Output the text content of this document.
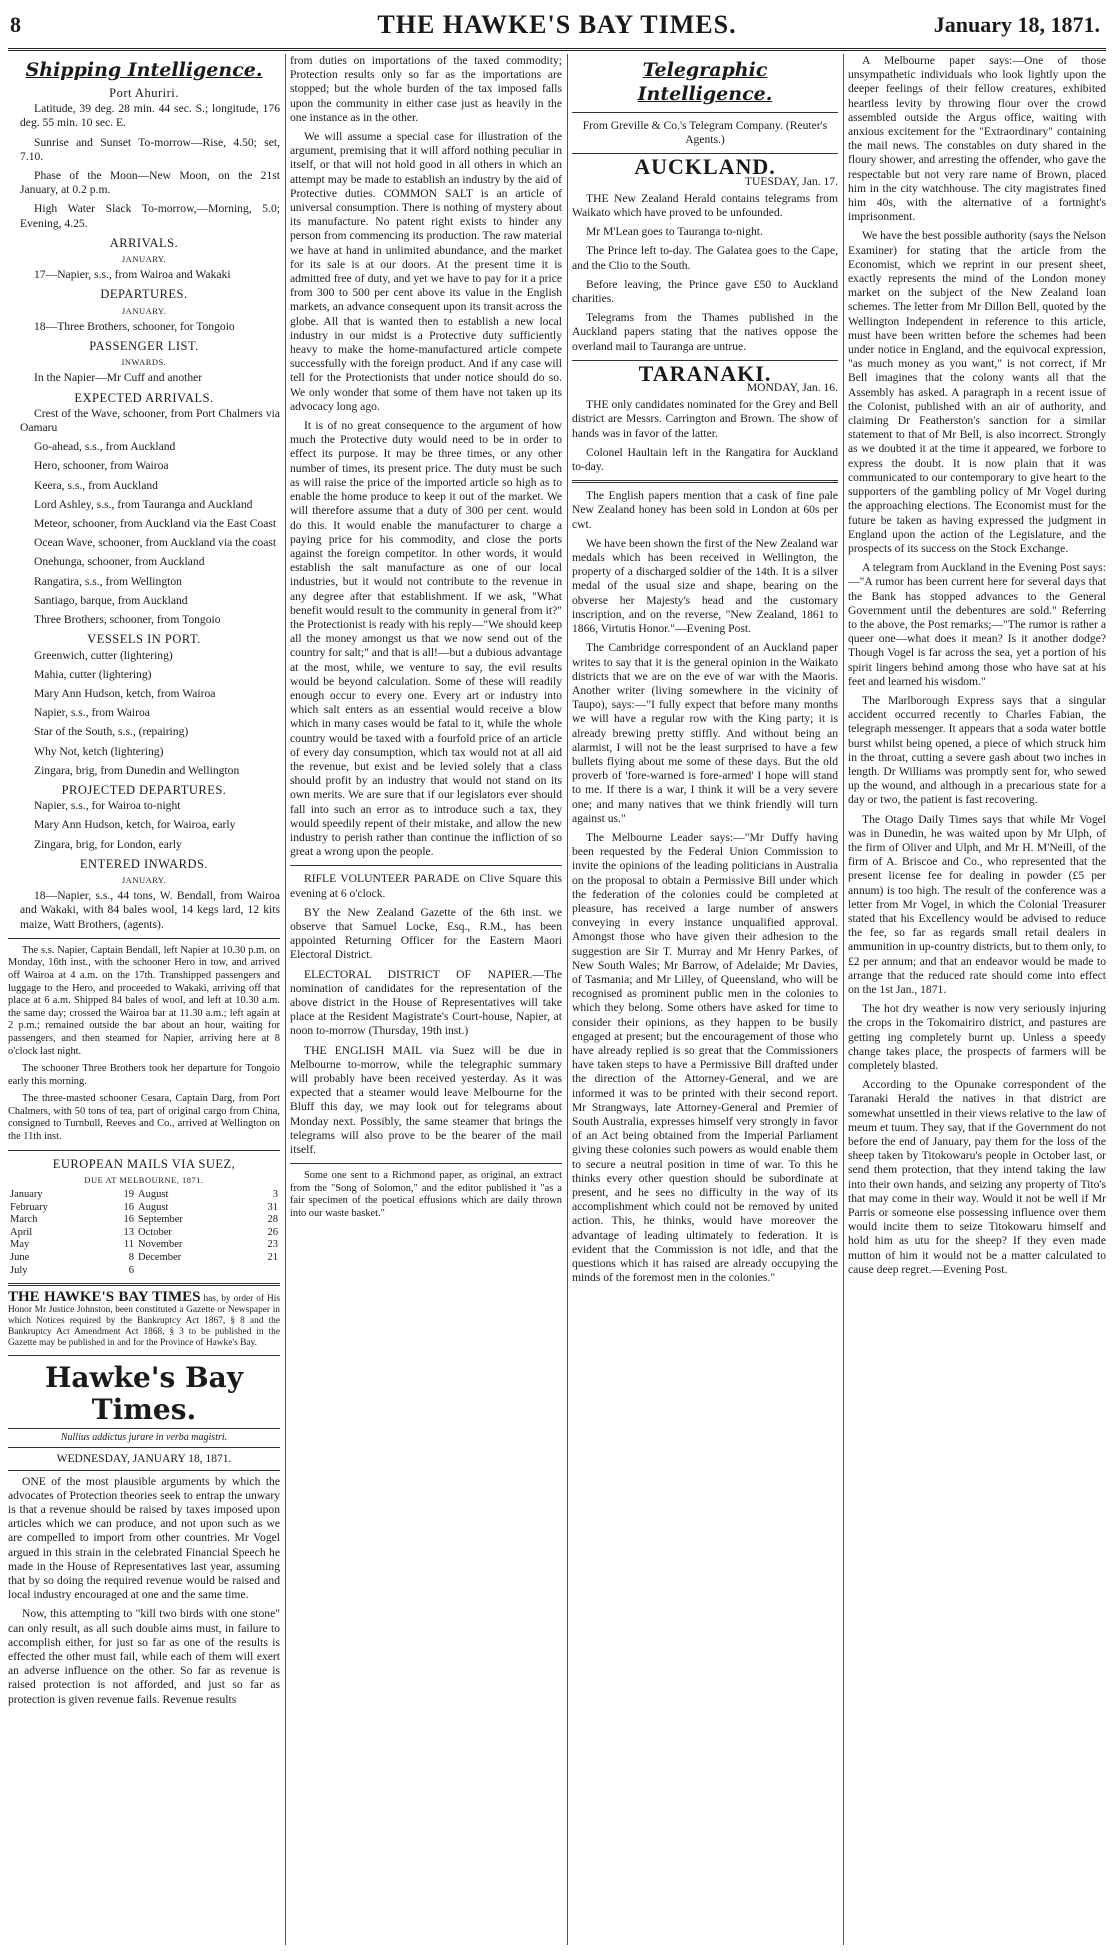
8	THE HAWKE'S BAY TIMES.	January 18, 1871.
Shipping Intelligence.
Port Ahuriri.

Latitude, 39 deg. 28 min. 44 sec. S.; longitude, 176 deg. 55 min. 10 sec. E.

Sunrise and Sunset To-morrow—Rise, 4.50; set, 7.10.

Phase of the Moon—New Moon, on the 21st January, at 0.2 p.m.

High Water Slack To-morrow,—Morning, 5.0; Evening, 4.25.

ARRIVALS.
JANUARY.

17—Napier, s.s., from Wairoa and Wakaki

DEPARTURES.
JANUARY.

18—Three Brothers, schooner, for Tongoio

PASSENGER LIST.
INWARDS.

In the Napier—Mr Cuff and another

EXPECTED ARRIVALS.

Crest of the Wave, schooner, from Port Chalmers via Oamaru

Go-ahead, s.s., from Auckland

Hero, schooner, from Wairoa

Keera, s.s., from Auckland

Lord Ashley, s.s., from Tauranga and Auckland

Meteor, schooner, from Auckland via the East Coast

Ocean Wave, schooner, from Auckland via the coast

Onehunga, schooner, from Auckland

Rangatira, s.s., from Wellington

Santiago, barque, from Auckland

Three Brothers, schooner, from Tongoio

VESSELS IN PORT.

Greenwich, cutter (lightering)

Mahia, cutter (lightering)

Mary Ann Hudson, ketch, from Wairoa

Napier, s.s., from Wairoa

Star of the South, s.s., (repairing)

Why Not, ketch (lightering)

Zingara, brig, from Dunedin and Wellington

PROJECTED DEPARTURES.

Napier, s.s., for Wairoa to-night

Mary Ann Hudson, ketch, for Wairoa, early

Zingara, brig, for London, early

ENTERED INWARDS.
JANUARY.

18—Napier, s.s., 44 tons, W. Bendall, from Wairoa and Wakaki, with 84 bales wool, 14 kegs lard, 12 kits maize, Watt Brothers, (agents).

The s.s. Napier, Captain Bendall, left Napier at 10.30 p.m. on Monday, 16th inst., with the schooner Hero in tow, and arrived off Wairoa at 4 a.m. on the 17th. Transhipped passengers and luggage to the Hero, and proceeded to Wakaki, arriving off that place at 6 a.m. Shipped 84 bales of wool, and left at 10.30 a.m. the same day; crossed the Wairoa bar at 11.30 a.m.; left again at 2 p.m.; remained outside the bar about an hour, waiting for passengers, and then steamed for Napier, arriving here at 8 o'clock last night.

The schooner Three Brothers took her departure for Tongoio early this morning.

The three-masted schooner Cesara, Captain Darg, from Port Chalmers, with 50 tons of tea, part of original cargo from China, consigned to Turnbull, Reeves and Co., arrived at Wellington on the 11th inst.

EUROPEAN MAILS VIA SUEZ,
DUE AT MELBOURNE, 1871.
January	19	August	3
February	16	August	31
March	16	September	28
April	13	October	26
May	11	November	23
June	8	December	21
July	6		
THE HAWKE'S BAY TIMES has, by order of His Honor Mr Justice Johnston, been constituted a Gazette or Newspaper in which Notices required by the Bankruptcy Act 1867, § 8 and the Bankruptcy Act Amendment Act 1868, § 3 to be published in the Gazette may be published in and for the Province of Hawke's Bay.
Hawke's Bay Times.
Nullius addictus jurare in verba magistri.
WEDNESDAY, JANUARY 18, 1871.

ONE of the most plausible arguments by which the advocates of Protection theories seek to entrap the unwary is that a revenue should be raised by taxes imposed upon articles which we can produce, and not upon such as we are compelled to import from other countries. Mr Vogel argued in this strain in the celebrated Financial Speech he made in the House of Representatives last year, assuming that by so doing the required revenue would be raised and local industry encouraged at one and the same time.

Now, this attempting to "kill two birds with one stone" can only result, as all such double aims must, in failure to accomplish either, for just so far as one of the results is effected the other must fail, while each of them will exert an adverse influence on the other. So far as revenue is raised protection is not afforded, and just so far as protection is given revenue fails. Revenue results

from duties on importations of the taxed commodity; Protection results only so far as the importations are stopped; but the whole burden of the tax imposed falls upon the community in either case just as heavily in the one instance as in the other.

We will assume a special case for illustration of the argument, premising that it will afford nothing peculiar in itself, or that will not hold good in all others in which an attempt may be made to establish an industry by the aid of Protective duties. COMMON SALT is an article of universal consumption. There is nothing of mystery about its manufacture. No patent right exists to hinder any person from commencing its production. The raw material we have at hand in unlimited abundance, and the market for its sale is at our doors. At the present time it is admitted free of duty, and yet we have to pay for it a price from 300 to 500 per cent above its value in the English markets, an advance consequent upon its transit across the globe. All that is wanted then to establish a new local industry in our midst is a Protective duty sufficiently heavy to make the home-manufactured article compete successfully with the foreign product. And if any case will tell for the Protectionists that under notice should do so. We only wonder that some of them have not taken up its advocacy long ago.

It is of no great consequence to the argument of how much the Protective duty would need to be in order to effect its purpose. It may be three times, or any other number of times, its present price. The duty must be such as will raise the price of the imported article so high as to enable the home produce to keep it out of the market. We will therefore assume that a duty of 300 per cent. would do this. It would enable the manufacturer to charge a paying price for his commodity, and close the ports against the foreign competitor. In other words, it would establish the salt manufacture as one of our local industries, but it would not contribute to the revenue in any degree after that establishment. If we ask, "What benefit would result to the community in general from it?" the Protectionist is ready with his reply—"We should keep all the money amongst us that we now send out of the country for salt;" and that is all!—but a dubious advantage at the most, while, we venture to say, the evil results would be beyond calculation. Some of these will readily enough occur to every one. Every art or industry into which salt enters as an essential would receive a blow which in many cases would be fatal to it, while the whole country would be taxed with a fourfold price of an article of every day consumption, which tax would not at all aid the revenue, but exist and be levied solely that a class should profit by an industry that would not stand on its own merits. We are sure that if our legislators ever should fall into such an error as to introduce such a tax, they would speedily repent of their mistake, and allow the new industry to perish rather than continue the infliction of so great a wrong upon the people.

RIFLE VOLUNTEER PARADE on Clive Square this evening at 6 o'clock.

BY the New Zealand Gazette of the 6th inst. we observe that Samuel Locke, Esq., R.M., has been appointed Returning Officer for the Eastern Maori Electoral District.

ELECTORAL DISTRICT OF NAPIER.—The nomination of candidates for the representation of the above district in the House of Representatives will take place at the Resident Magistrate's Court-house, Napier, at noon to-morrow (Thursday, 19th inst.)

THE ENGLISH MAIL via Suez will be due in Melbourne to-morrow, while the telegraphic summary will probably have been received yesterday. As it was expected that a steamer would leave Melbourne for the Bluff this day, we may look out for telegrams about Monday next. Possibly, the same steamer that brings the telegrams will also prove to be the bearer of the mail itself.

Some one sent to a Richmond paper, as original, an extract from the "Song of Solomon," and the editor published it "as a fair specimen of the poetical effusions which are daily thrown into our waste basket."

Telegraphic Intelligence.

From Greville & Co.'s Telegram Company. (Reuter's Agents.)

AUCKLAND.
TUESDAY, Jan. 17.

THE New Zealand Herald contains telegrams from Waikato which have proved to be unfounded.

Mr M'Lean goes to Tauranga to-night.

The Prince left to-day. The Galatea goes to the Cape, and the Clio to the South.

Before leaving, the Prince gave £50 to Auckland charities.

Telegrams from the Thames published in the Auckland papers stating that the natives oppose the overland mail to Tauranga are untrue.

TARANAKI.
MONDAY, Jan. 16.

THE only candidates nominated for the Grey and Bell district are Messrs. Carrington and Brown. The show of hands was in favor of the latter.

Colonel Haultain left in the Rangatira for Auckland to-day.

The English papers mention that a cask of fine pale New Zealand honey has been sold in London at 60s per cwt.

We have been shown the first of the New Zealand war medals which has been received in Wellington, the property of a discharged soldier of the 14th. It is a silver medal of the usual size and shape, bearing on the obverse her Majesty's head and the customary inscription, and on the reverse, "New Zealand, 1861 to 1866, Virtutis Honor."—Evening Post.

The Cambridge correspondent of an Auckland paper writes to say that it is the general opinion in the Waikato districts that we are on the eve of war with the Maoris. Another writer (living somewhere in the vicinity of Taupo), says:—"I fully expect that before many months we will have a regular row with the King party; it is already brewing pretty stiffly. And without being an alarmist, I will not be the least surprised to have a few bullets flying about me some of these days. But the old proverb of 'fore-warned is fore-armed' I hope will stand to me. If there is a war, I think it will be a very severe one; and many natives that we think friendly will turn against us."

The Melbourne Leader says:—"Mr Duffy having been requested by the Federal Union Commission to invite the opinions of the leading politicians in Australia on the proposal to obtain a Permissive Bill under which the federation of the colonies could be completed at pleasure, has received a large number of answers conveying in every instance unqualified approval. Amongst those who have given their adhesion to the suggestion are Sir T. Murray and Mr Henry Parkes, of New South Wales; Mr Barrow, of Adelaide; Mr Davies, of Tasmania; and Mr Lilley, of Queensland, who will be recognised as prominent public men in the colonies to which they belong. Some others have asked for time to consider their opinions, as they happen to be busily engaged at present; but the encouragement of those who have already replied is so great that the Commissioners have taken steps to have a Permissive Bill drafted under the direction of the Attorney-General, and we are informed it was to be printed with their second report. Mr Strangways, late Attorney-General and Premier of South Australia, expresses himself very strongly in favor of an Act being obtained from the Imperial Parliament giving these colonies such powers as would enable them to secure a neutral position in time of war. To this he thinks every other question should be subordinate at present, and he sees no difficulty in the way of its accomplishment which could not be removed by united action. This, he thinks, would have moreover the advantage of leading ultimately to federation. It is evident that the Commission is not idle, and that the questions which it has raised are already occupying the minds of the foremost men in the colonies."

A Melbourne paper says:—One of those unsympathetic individuals who look lightly upon the deeper feelings of their fellow creatures, exhibited heartless levity by throwing flour over the crowd assembled outside the Argus office, waiting with anxious excitement for the "Extraordinary" containing the mail news. The constables on duty shared in the floury shower, and arresting the offender, who gave the respectable but not very rare name of Brown, placed him in the city watchhouse. The city magistrates fined him 40s, with the alternative of a fortnight's imprisonment.

We have the best possible authority (says the Nelson Examiner) for stating that the article from the Economist, which we reprint in our present sheet, exactly represents the mind of the London money market on the subject of the New Zealand loan schemes. The letter from Mr Dillon Bell, quoted by the Wellington Independent in reference to this article, must have been written before the schemes had been under notice in England, and the equivocal expression, "as much money as you want," is not correct, if Mr Bell imagines that the colony wants all that the Assembly has asked. A paragraph in a recent issue of the Colonist, published with an air of authority, and claiming Dr Featherston's sanction for a similar statement to that of Mr Bell, is also incorrect. Strongly as we doubted it at the time it appeared, we forbore to express the doubt. It is now plain that it was communicated to our contemporary to give heart to the supporters of the gambling policy of Mr Vogel during the approaching elections. The Economist must for the future be taken as having expressed the judgment in England upon the action of the Legislature, and the prospects of its success on the Stock Exchange.

A telegram from Auckland in the Evening Post says:—"A rumor has been current here for several days that the Bank has stopped advances to the General Government until the debentures are sold." Referring to the above, the Post remarks;—"The rumor is rather a queer one—what does it mean? Is it another dodge? Though Vogel is far across the sea, yet a portion of his spirit lingers behind among those who have sat at his feet and learned his wisdom."

The Marlborough Express says that a singular accident occurred recently to Charles Fabian, the telegraph messenger. It appears that a soda water bottle burst whilst being opened, a piece of which struck him in the throat, cutting a severe gash about two inches in length. Dr Williams was promptly sent for, who sewed up the wound, and although in a precarious state for a day or two, the patient is fast recovering.

The Otago Daily Times says that while Mr Vogel was in Dunedin, he was waited upon by Mr Ulph, of the firm of Oliver and Ulph, and Mr H. M'Neill, of the firm of A. Briscoe and Co., who represented that the present license fee for dealing in powder (£5 per annum) is too high. The result of the conference was a letter from Mr Vogel, in which the Colonial Treasurer stated that his Excellency would be advised to reduce the fee, so far as regards small retail dealers in ammunition in up-country districts, but to them only, to £2 per annum; and that an endeavor would be made to arrange that the reduced rate should come into effect on the 1st Jan., 1871.

The hot dry weather is now very seriously injuring the crops in the Tokomairiro district, and pastures are getting ing completely burnt up. Unless a speedy change takes place, the prospects of farmers will be completely blasted.

According to the Opunake correspondent of the Taranaki Herald the natives in that district are somewhat unsettled in their views relative to the law of meum et tuum. They say, that if the Government do not before the end of January, pay them for the loss of the sheep taken by Titokowaru's people in October last, or send them protection, that they intend taking the law into their own hands, and seizing any property of Tito's that may come in their way. Would it not be well if Mr Parris or someone else possessing influence over them would incite them to seize Titokowaru himself and hold him as utu for the sheep? If they even made mutton of him it would not be a matter calculated to cause deep regret.—Evening Post.
